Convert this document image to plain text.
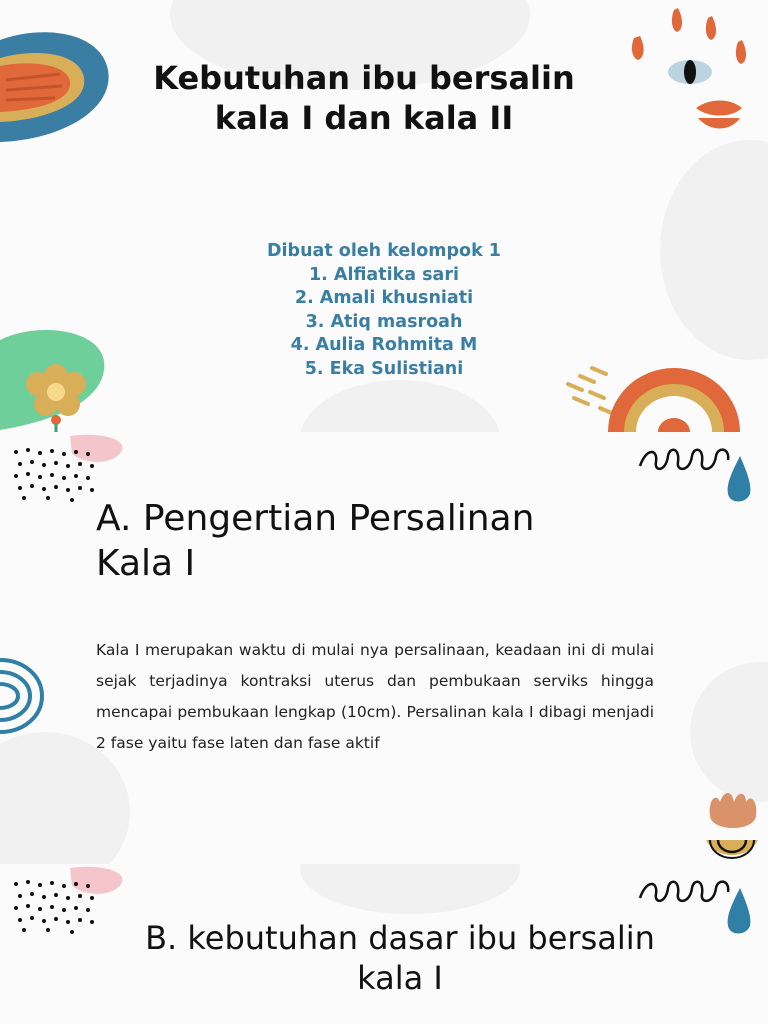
Kebutuhan ibu bersalin
kala I dan kala II
Dibuat oleh kelompok 1
1. Alfiatika sari
2. Amali khusniati
3. Atiq masroah
4. Aulia Rohmita M
5. Eka Sulistiani
A. Pengertian Persalinan
Kala I

Kala I merupakan waktu di mulai nya persalinaan, keadaan ini di mulai sejak terjadinya kontraksi uterus dan pembukaan serviks hingga mencapai pembukaan lengkap (10cm). Persalinan kala I dibagi menjadi 2 fase yaitu fase laten dan fase aktif

B. kebutuhan dasar ibu bersalin
kala I
